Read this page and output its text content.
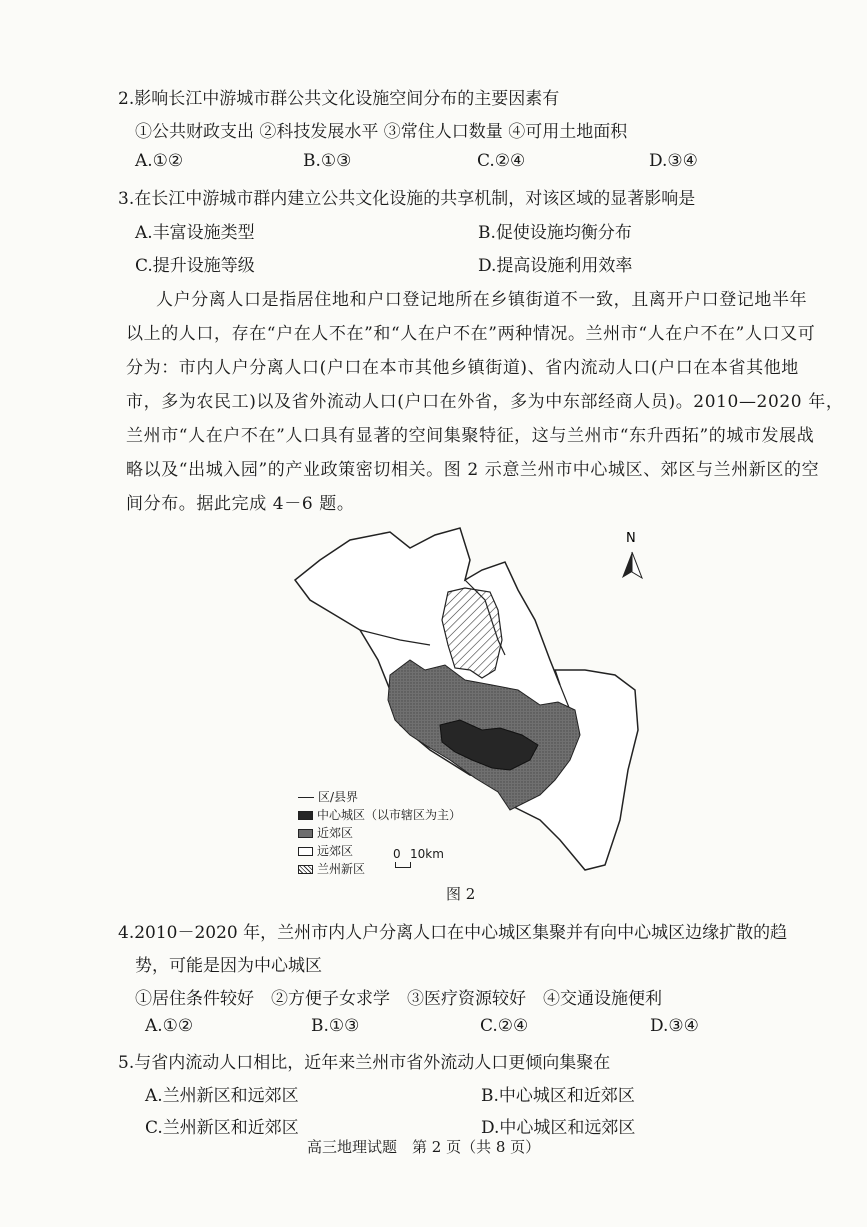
2.影响长江中游城市群公共文化设施空间分布的主要因素有
①公共财政支出 ②科技发展水平 ③常住人口数量 ④可用土地面积
A.①②	B.①③	C.②④	D.③④
3.在长江中游城市群内建立公共文化设施的共享机制，对该区域的显著影响是
A.丰富设施类型	B.促使设施均衡分布
C.提升设施等级	D.提高设施利用效率
人户分离人口是指居住地和户口登记地所在乡镇街道不一致，且离开户口登记地半年
以上的人口，存在“户在人不在”和“人在户不在”两种情况。兰州市“人在户不在”人口又可
分为：市内人户分离人口(户口在本市其他乡镇街道)、省内流动人口(户口在本省其他地
市，多为农民工)以及省外流动人口(户口在外省，多为中东部经商人员)。2010—2020 年，
兰州市“人在户不在”人口具有显著的空间集聚特征，这与兰州市“东升西拓”的城市发展战
略以及“出城入园”的产业政策密切相关。图 2 示意兰州市中心城区、郊区与兰州新区的空
间分布。据此完成 4－6 题。
N
区/县界
中心城区（以市辖区为主）
近郊区
远郊区
兰州新区
0 10km
图 2
4.2010－2020 年，兰州市内人户分离人口在中心城区集聚并有向中心城区边缘扩散的趋
势，可能是因为中心城区
①居住条件较好　②方便子女求学　③医疗资源较好　④交通设施便利
A.①②	B.①③	C.②④	D.③④
5.与省内流动人口相比，近年来兰州市省外流动人口更倾向集聚在
A.兰州新区和远郊区	B.中心城区和近郊区
C.兰州新区和近郊区	D.中心城区和远郊区
高三地理试题　第 2 页（共 8 页）
